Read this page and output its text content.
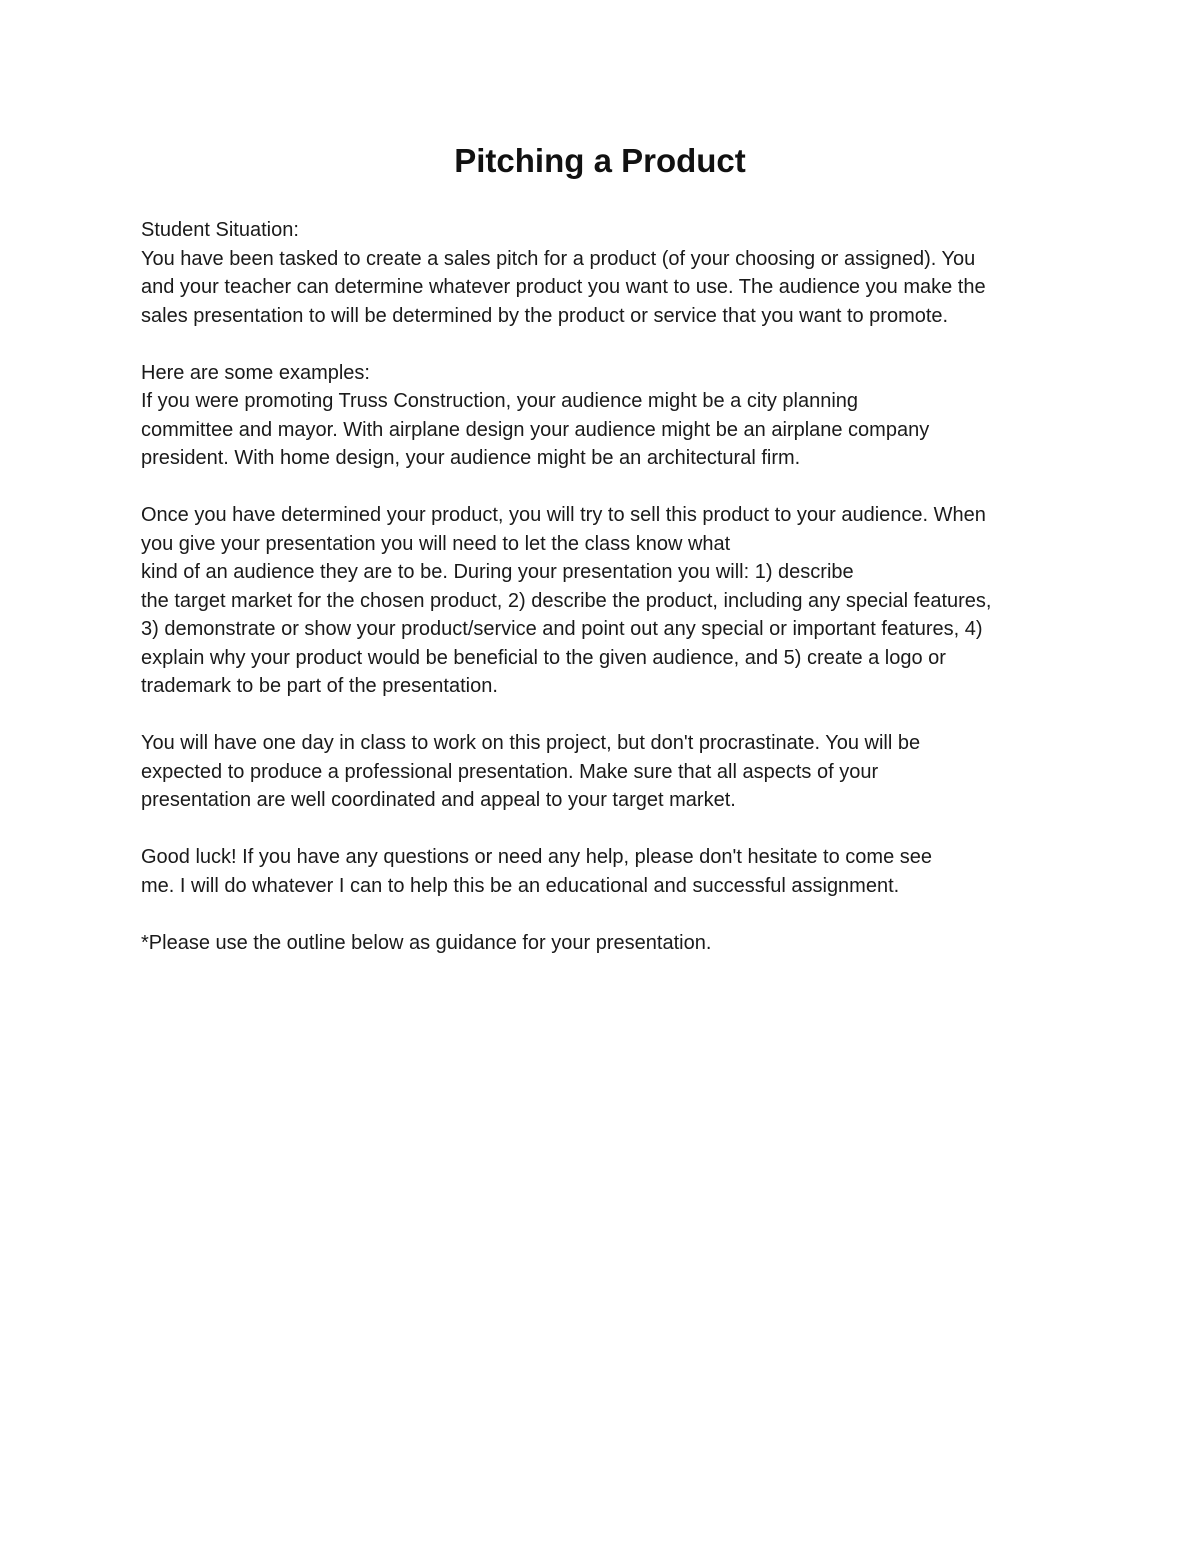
Pitching a Product

Student Situation:
You have been tasked to create a sales pitch for a product (of your choosing or assigned). You
and your teacher can determine whatever product you want to use. The audience you make the
sales presentation to will be determined by the product or service that you want to promote.

Here are some examples:
If you were promoting Truss Construction, your audience might be a city planning
committee and mayor. With airplane design your audience might be an airplane company
president. With home design, your audience might be an architectural firm.

Once you have determined your product, you will try to sell this product to your audience. When
you give your presentation you will need to let the class know what
kind of an audience they are to be. During your presentation you will: 1) describe
the target market for the chosen product, 2) describe the product, including any special features,
3) demonstrate or show your product/service and point out any special or important features, 4)
explain why your product would be beneficial to the given audience, and 5) create a logo or
trademark to be part of the presentation.

You will have one day in class to work on this project, but don't procrastinate. You will be
expected to produce a professional presentation. Make sure that all aspects of your
presentation are well coordinated and appeal to your target market.

Good luck! If you have any questions or need any help, please don't hesitate to come see
me. I will do whatever I can to help this be an educational and successful assignment.

*Please use the outline below as guidance for your presentation.
